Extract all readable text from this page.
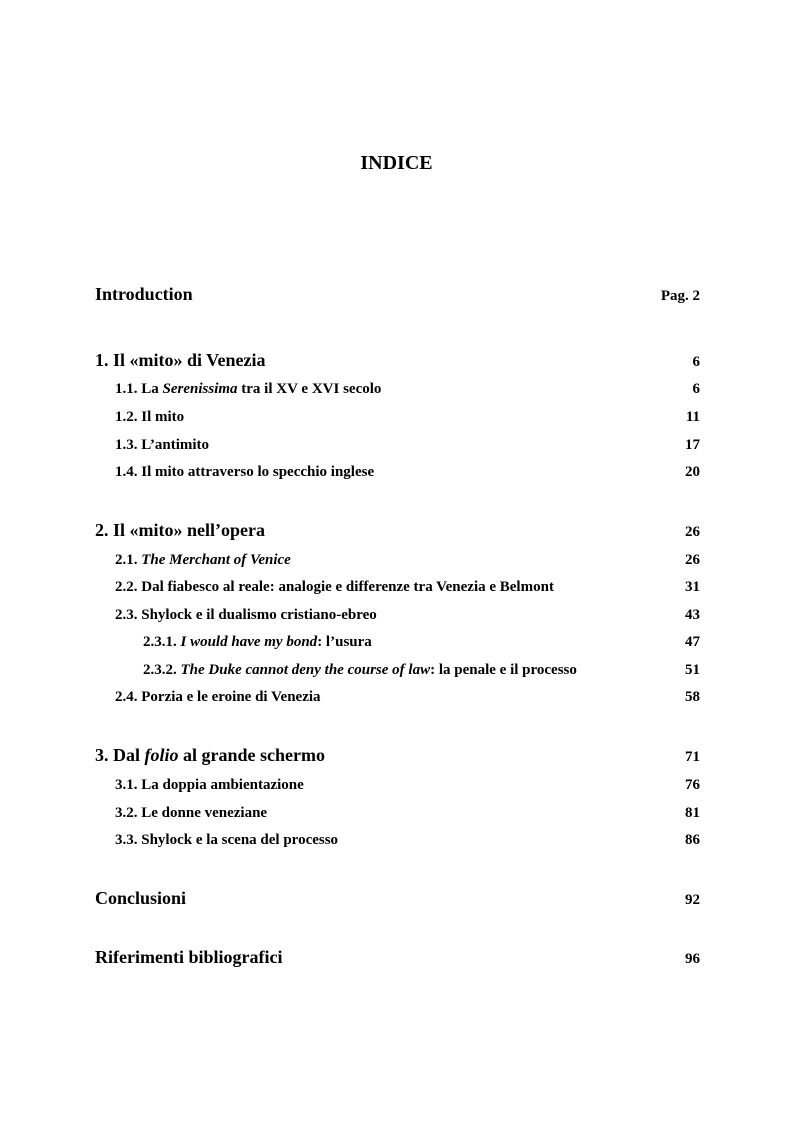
INDICE
Introduction	Pag. 2
1. Il «mito» di Venezia	6
1.1. La Serenissima tra il XV e XVI secolo	6
1.2. Il mito	11
1.3. L’antimito	17
1.4. Il mito attraverso lo specchio inglese	20
2. Il «mito» nell’opera	26
2.1. The Merchant of Venice	26
2.2. Dal fiabesco al reale: analogie e differenze tra Venezia e Belmont	31
2.3. Shylock e il dualismo cristiano-ebreo	43
2.3.1. I would have my bond: l’usura	47
2.3.2. The Duke cannot deny the course of law: la penale e il processo	51
2.4. Porzia e le eroine di Venezia	58
3. Dal folio al grande schermo	71
3.1. La doppia ambientazione	76
3.2. Le donne veneziane	81
3.3. Shylock e la scena del processo	86
Conclusioni	92
Riferimenti bibliografici	96
